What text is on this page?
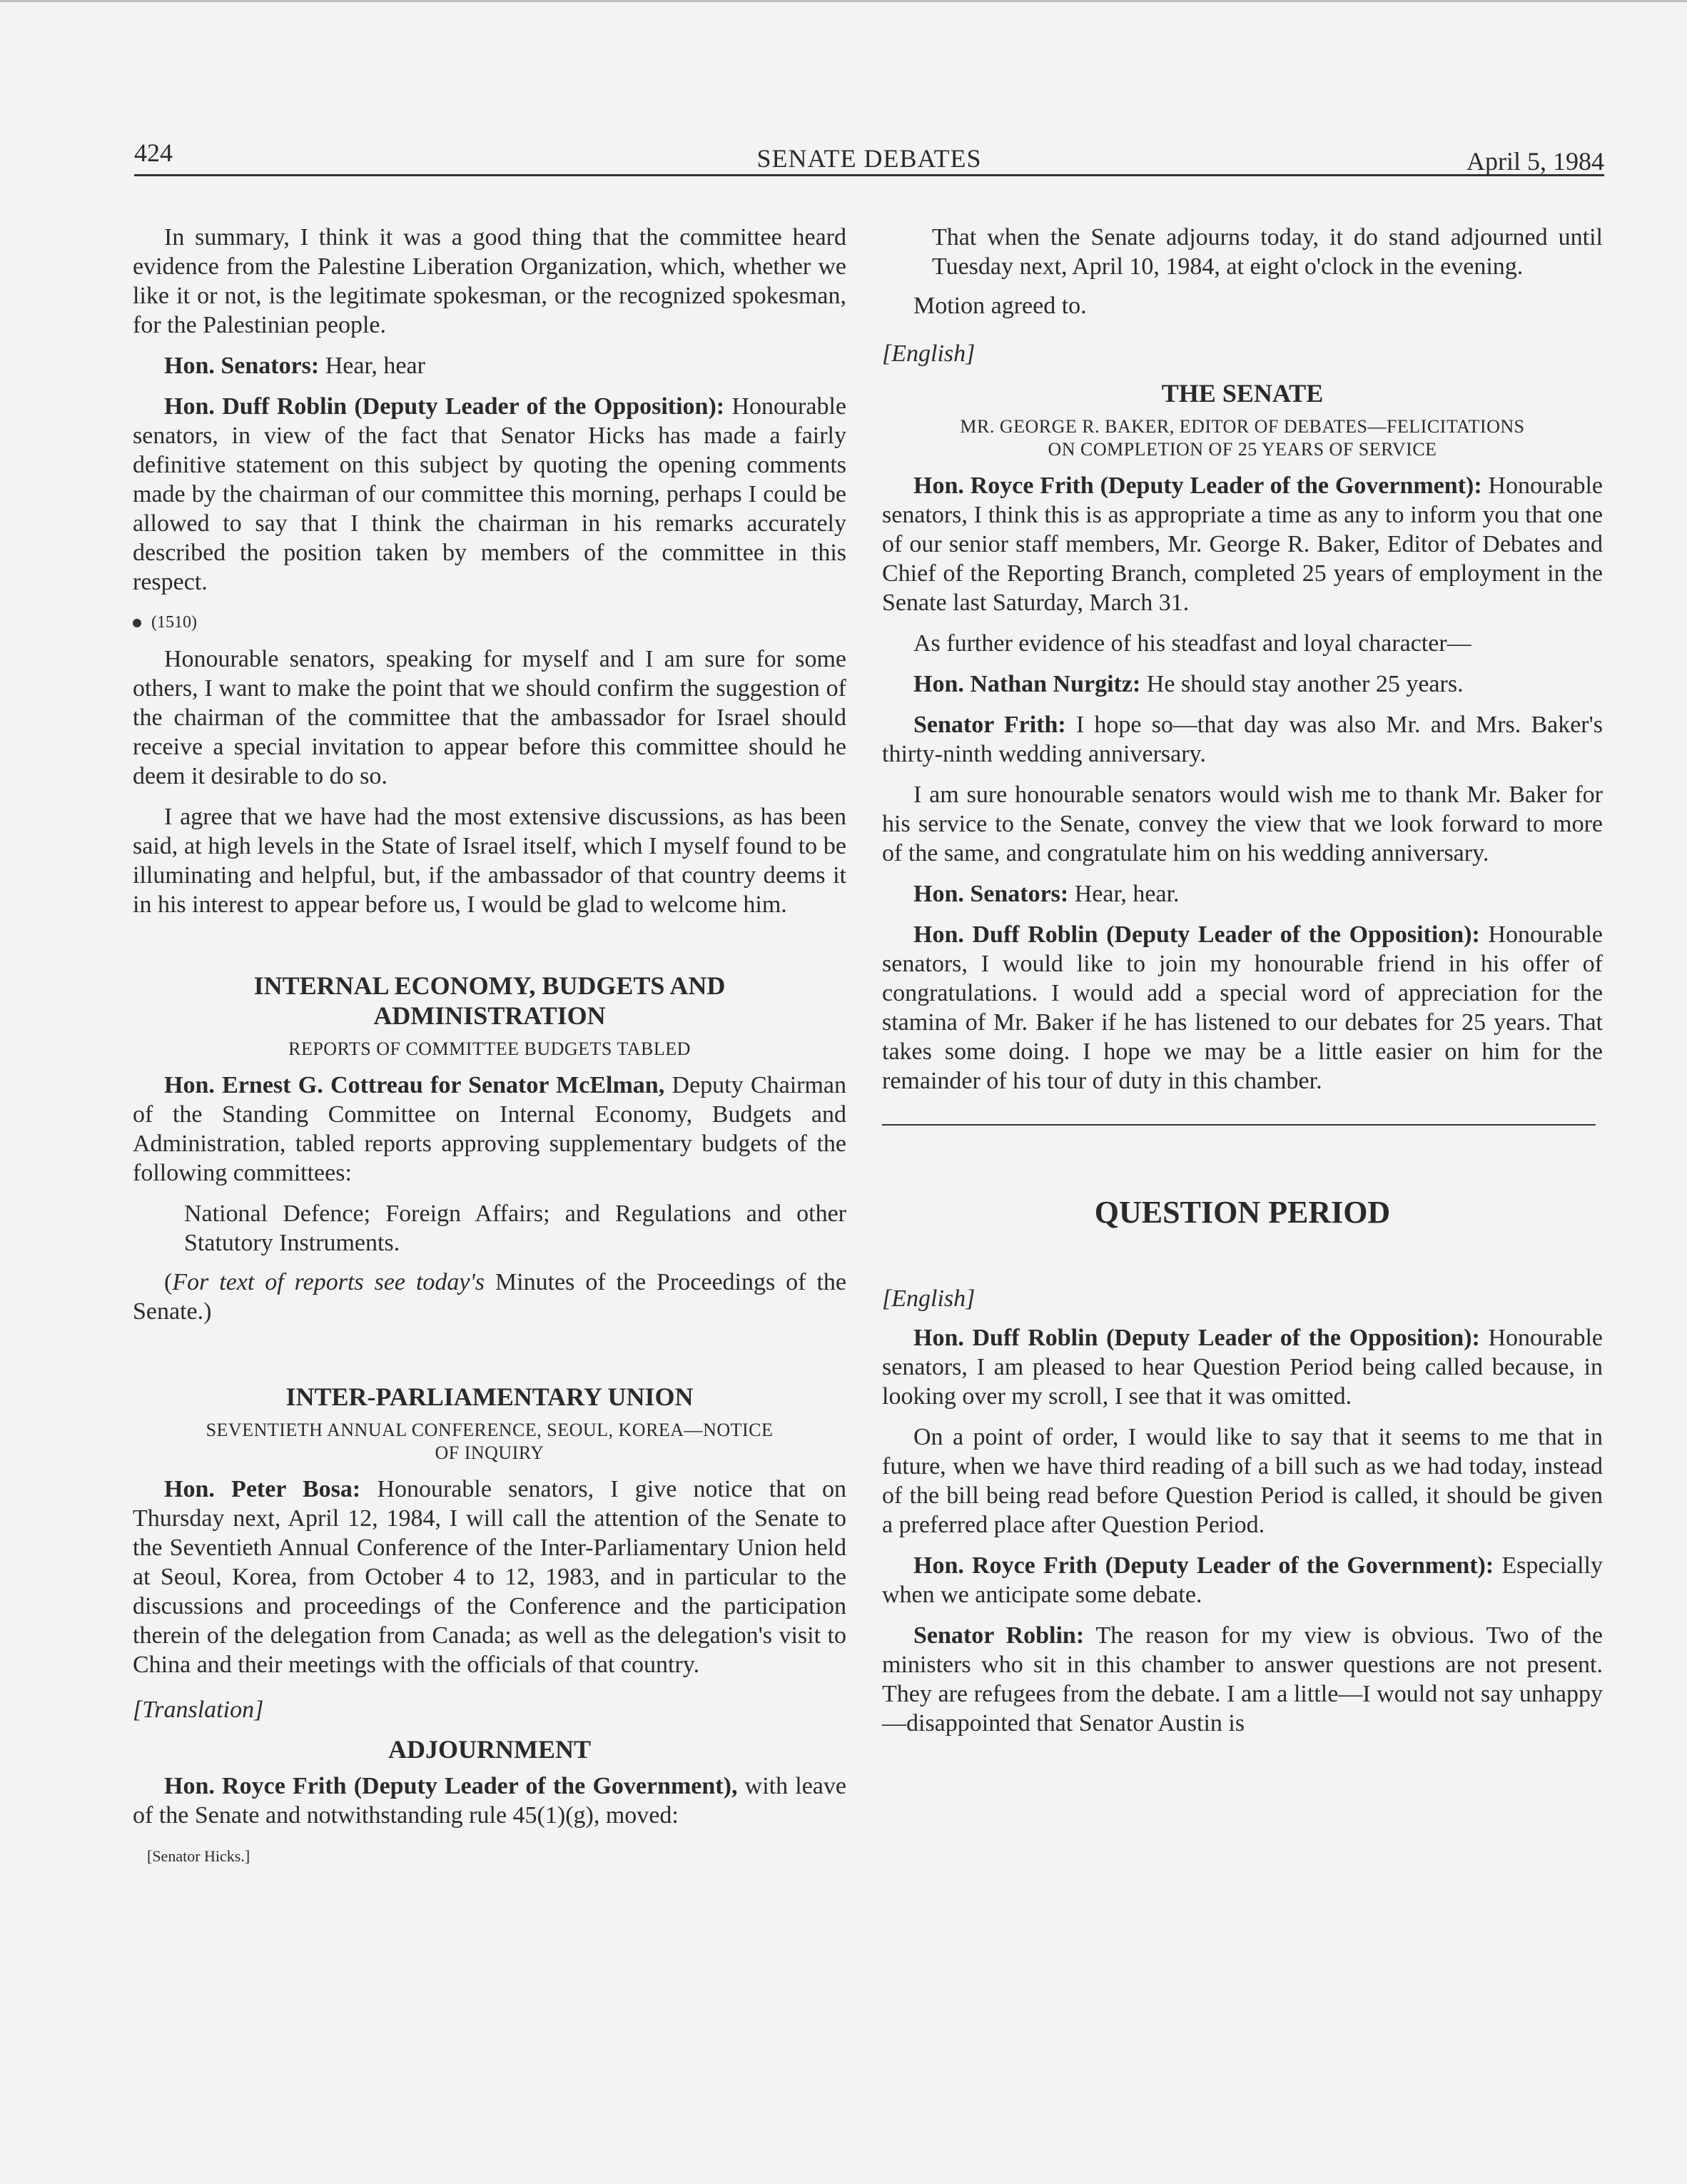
424	SENATE DEBATES	April 5, 1984

In summary, I think it was a good thing that the committee heard evidence from the Palestine Liberation Organization, which, whether we like it or not, is the legitimate spokesman, or the recognized spokesman, for the Palestinian people.

Hon. Senators: Hear, hear

Hon. Duff Roblin (Deputy Leader of the Opposition): Honourable senators, in view of the fact that Senator Hicks has made a fairly definitive statement on this subject by quoting the opening comments made by the chairman of our committee this morning, perhaps I could be allowed to say that I think the chairman in his remarks accurately described the position taken by members of the committee in this respect.

(1510)

Honourable senators, speaking for myself and I am sure for some others, I want to make the point that we should confirm the suggestion of the chairman of the committee that the ambassador for Israel should receive a special invitation to appear before this committee should he deem it desirable to do so.

I agree that we have had the most extensive discussions, as has been said, at high levels in the State of Israel itself, which I myself found to be illuminating and helpful, but, if the ambassador of that country deems it in his interest to appear before us, I would be glad to welcome him.

INTERNAL ECONOMY, BUDGETS AND
ADMINISTRATION
REPORTS OF COMMITTEE BUDGETS TABLED

Hon. Ernest G. Cottreau for Senator McElman, Deputy Chairman of the Standing Committee on Internal Economy, Budgets and Administration, tabled reports approving supplementary budgets of the following committees:

National Defence; Foreign Affairs; and Regulations and other Statutory Instruments.

(For text of reports see today's Minutes of the Proceedings of the Senate.)

INTER-PARLIAMENTARY UNION
SEVENTIETH ANNUAL CONFERENCE, SEOUL, KOREA—NOTICE
OF INQUIRY

Hon. Peter Bosa: Honourable senators, I give notice that on Thursday next, April 12, 1984, I will call the attention of the Senate to the Seventieth Annual Conference of the Inter-Parliamentary Union held at Seoul, Korea, from October 4 to 12, 1983, and in particular to the discussions and proceedings of the Conference and the participation therein of the delegation from Canada; as well as the delegation's visit to China and their meetings with the officials of that country.

[Translation]

ADJOURNMENT

Hon. Royce Frith (Deputy Leader of the Government), with leave of the Senate and notwithstanding rule 45(1)(g), moved:

[Senator Hicks.]

That when the Senate adjourns today, it do stand adjourned until Tuesday next, April 10, 1984, at eight o'clock in the evening.

Motion agreed to.

[English]

THE SENATE
MR. GEORGE R. BAKER, EDITOR OF DEBATES—FELICITATIONS
ON COMPLETION OF 25 YEARS OF SERVICE

Hon. Royce Frith (Deputy Leader of the Government): Honourable senators, I think this is as appropriate a time as any to inform you that one of our senior staff members, Mr. George R. Baker, Editor of Debates and Chief of the Reporting Branch, completed 25 years of employment in the Senate last Saturday, March 31.

As further evidence of his steadfast and loyal character—

Hon. Nathan Nurgitz: He should stay another 25 years.

Senator Frith: I hope so—that day was also Mr. and Mrs. Baker's thirty-ninth wedding anniversary.

I am sure honourable senators would wish me to thank Mr. Baker for his service to the Senate, convey the view that we look forward to more of the same, and congratulate him on his wedding anniversary.

Hon. Senators: Hear, hear.

Hon. Duff Roblin (Deputy Leader of the Opposition): Honourable senators, I would like to join my honourable friend in his offer of congratulations. I would add a special word of appreciation for the stamina of Mr. Baker if he has listened to our debates for 25 years. That takes some doing. I hope we may be a little easier on him for the remainder of his tour of duty in this chamber.

QUESTION PERIOD

[English]

Hon. Duff Roblin (Deputy Leader of the Opposition): Honourable senators, I am pleased to hear Question Period being called because, in looking over my scroll, I see that it was omitted.

On a point of order, I would like to say that it seems to me that in future, when we have third reading of a bill such as we had today, instead of the bill being read before Question Period is called, it should be given a preferred place after Question Period.

Hon. Royce Frith (Deputy Leader of the Government): Especially when we anticipate some debate.

Senator Roblin: The reason for my view is obvious. Two of the ministers who sit in this chamber to answer questions are not present. They are refugees from the debate. I am a little—I would not say unhappy—disappointed that Senator Austin is
